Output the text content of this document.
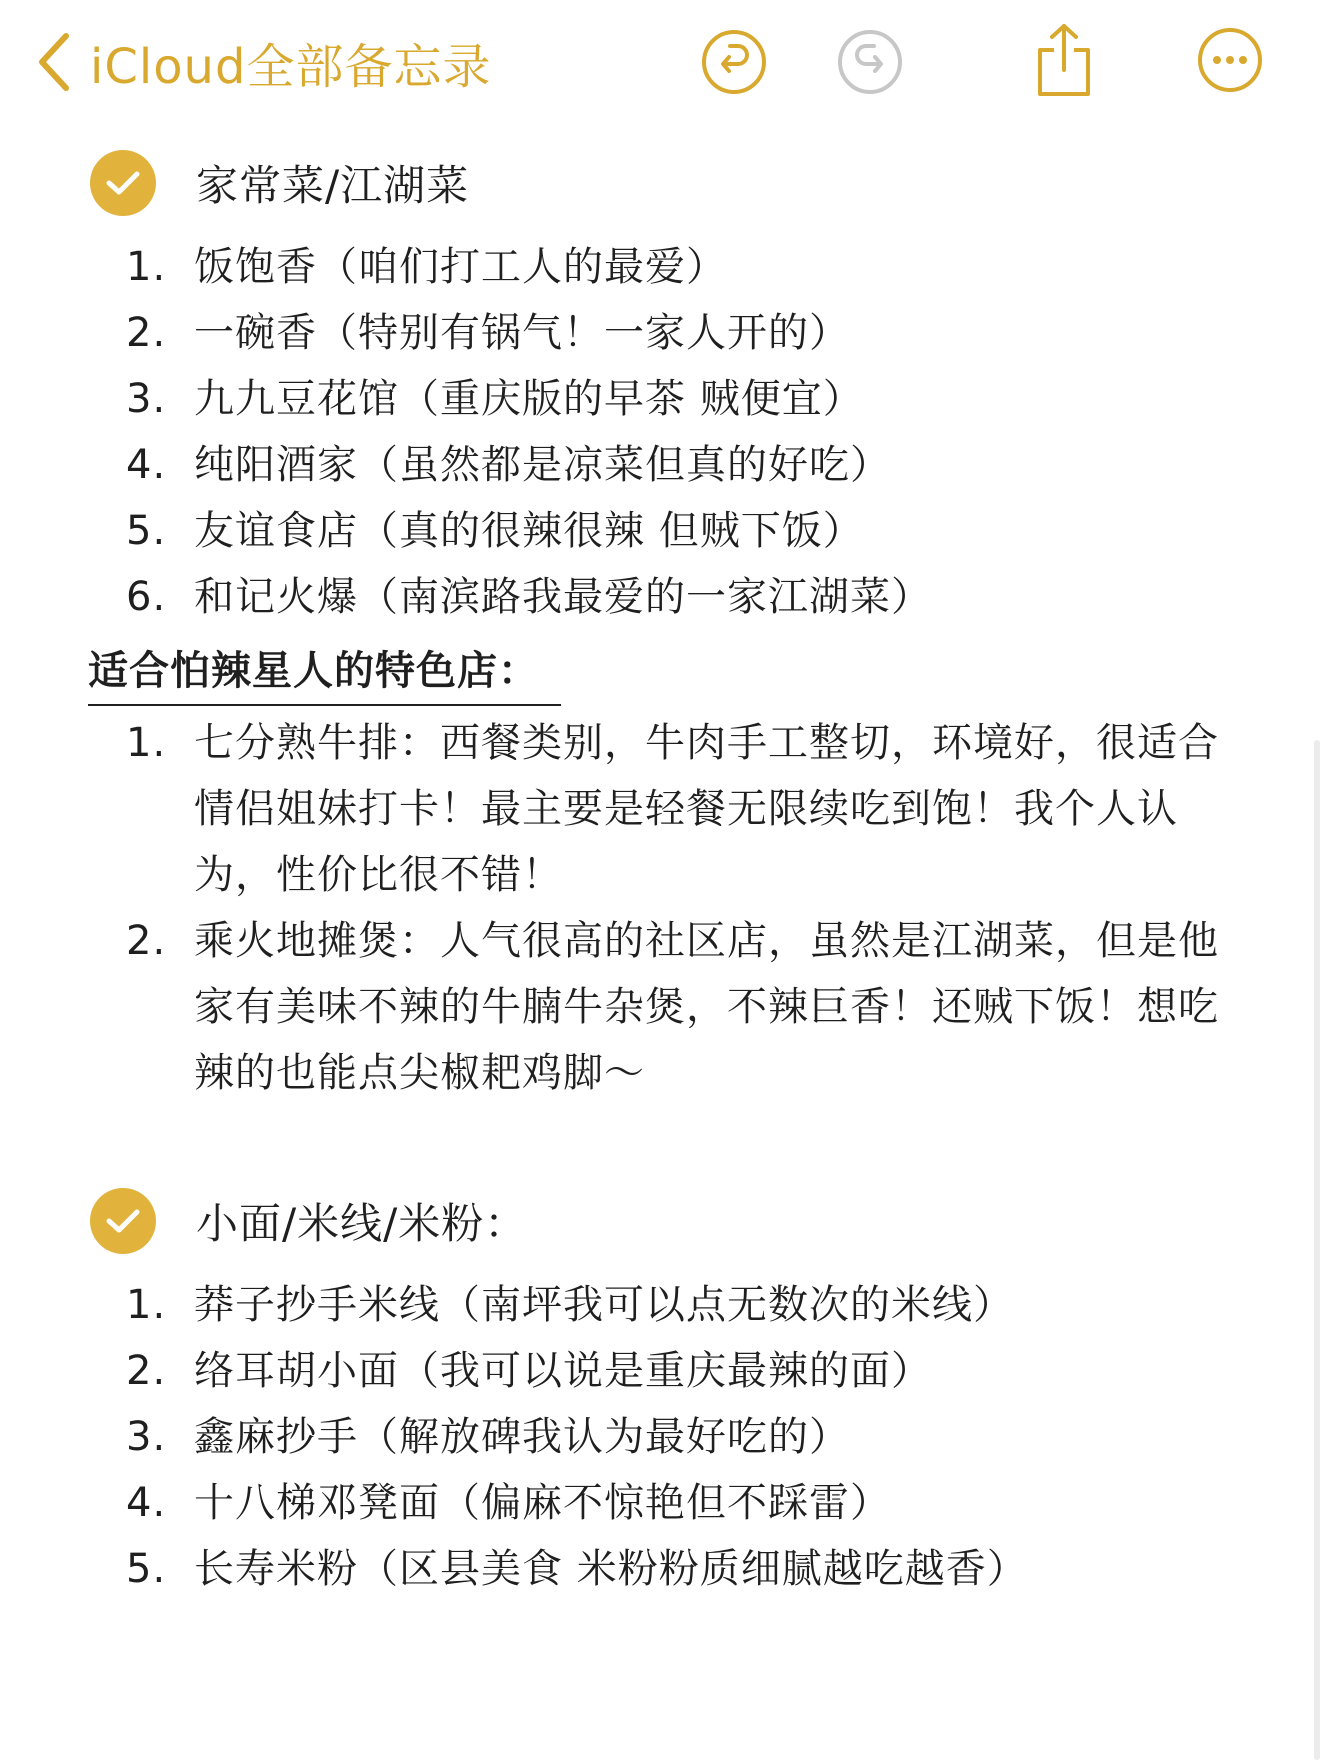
iCloud全部备忘录
家常菜/江湖菜
1. 饭饱香（咱们打工人的最爱）
2. 一碗香（特别有锅气！一家人开的）
3. 九九豆花馆（重庆版的早茶 贼便宜）
4. 纯阳酒家（虽然都是凉菜但真的好吃）
5. 友谊食店（真的很辣很辣 但贼下饭）
6. 和记火爆（南滨路我最爱的一家江湖菜）
适合怕辣星人的特色店：
1. 七分熟牛排：西餐类别，牛肉手工整切，环境好，很适合情侣姐妹打卡！最主要是轻餐无限续吃到饱！我个人认为，性价比很不错！
2. 乘火地摊煲：人气很高的社区店，虽然是江湖菜，但是他家有美味不辣的牛腩牛杂煲，不辣巨香！还贼下饭！想吃辣的也能点尖椒耙鸡脚～
小面/米线/米粉：
1. 莽子抄手米线（南坪我可以点无数次的米线）
2. 络耳胡小面（我可以说是重庆最辣的面）
3. 鑫麻抄手（解放碑我认为最好吃的）
4. 十八梯邓凳面（偏麻不惊艳但不踩雷）
5. 长寿米粉（区县美食 米粉粉质细腻越吃越香）
